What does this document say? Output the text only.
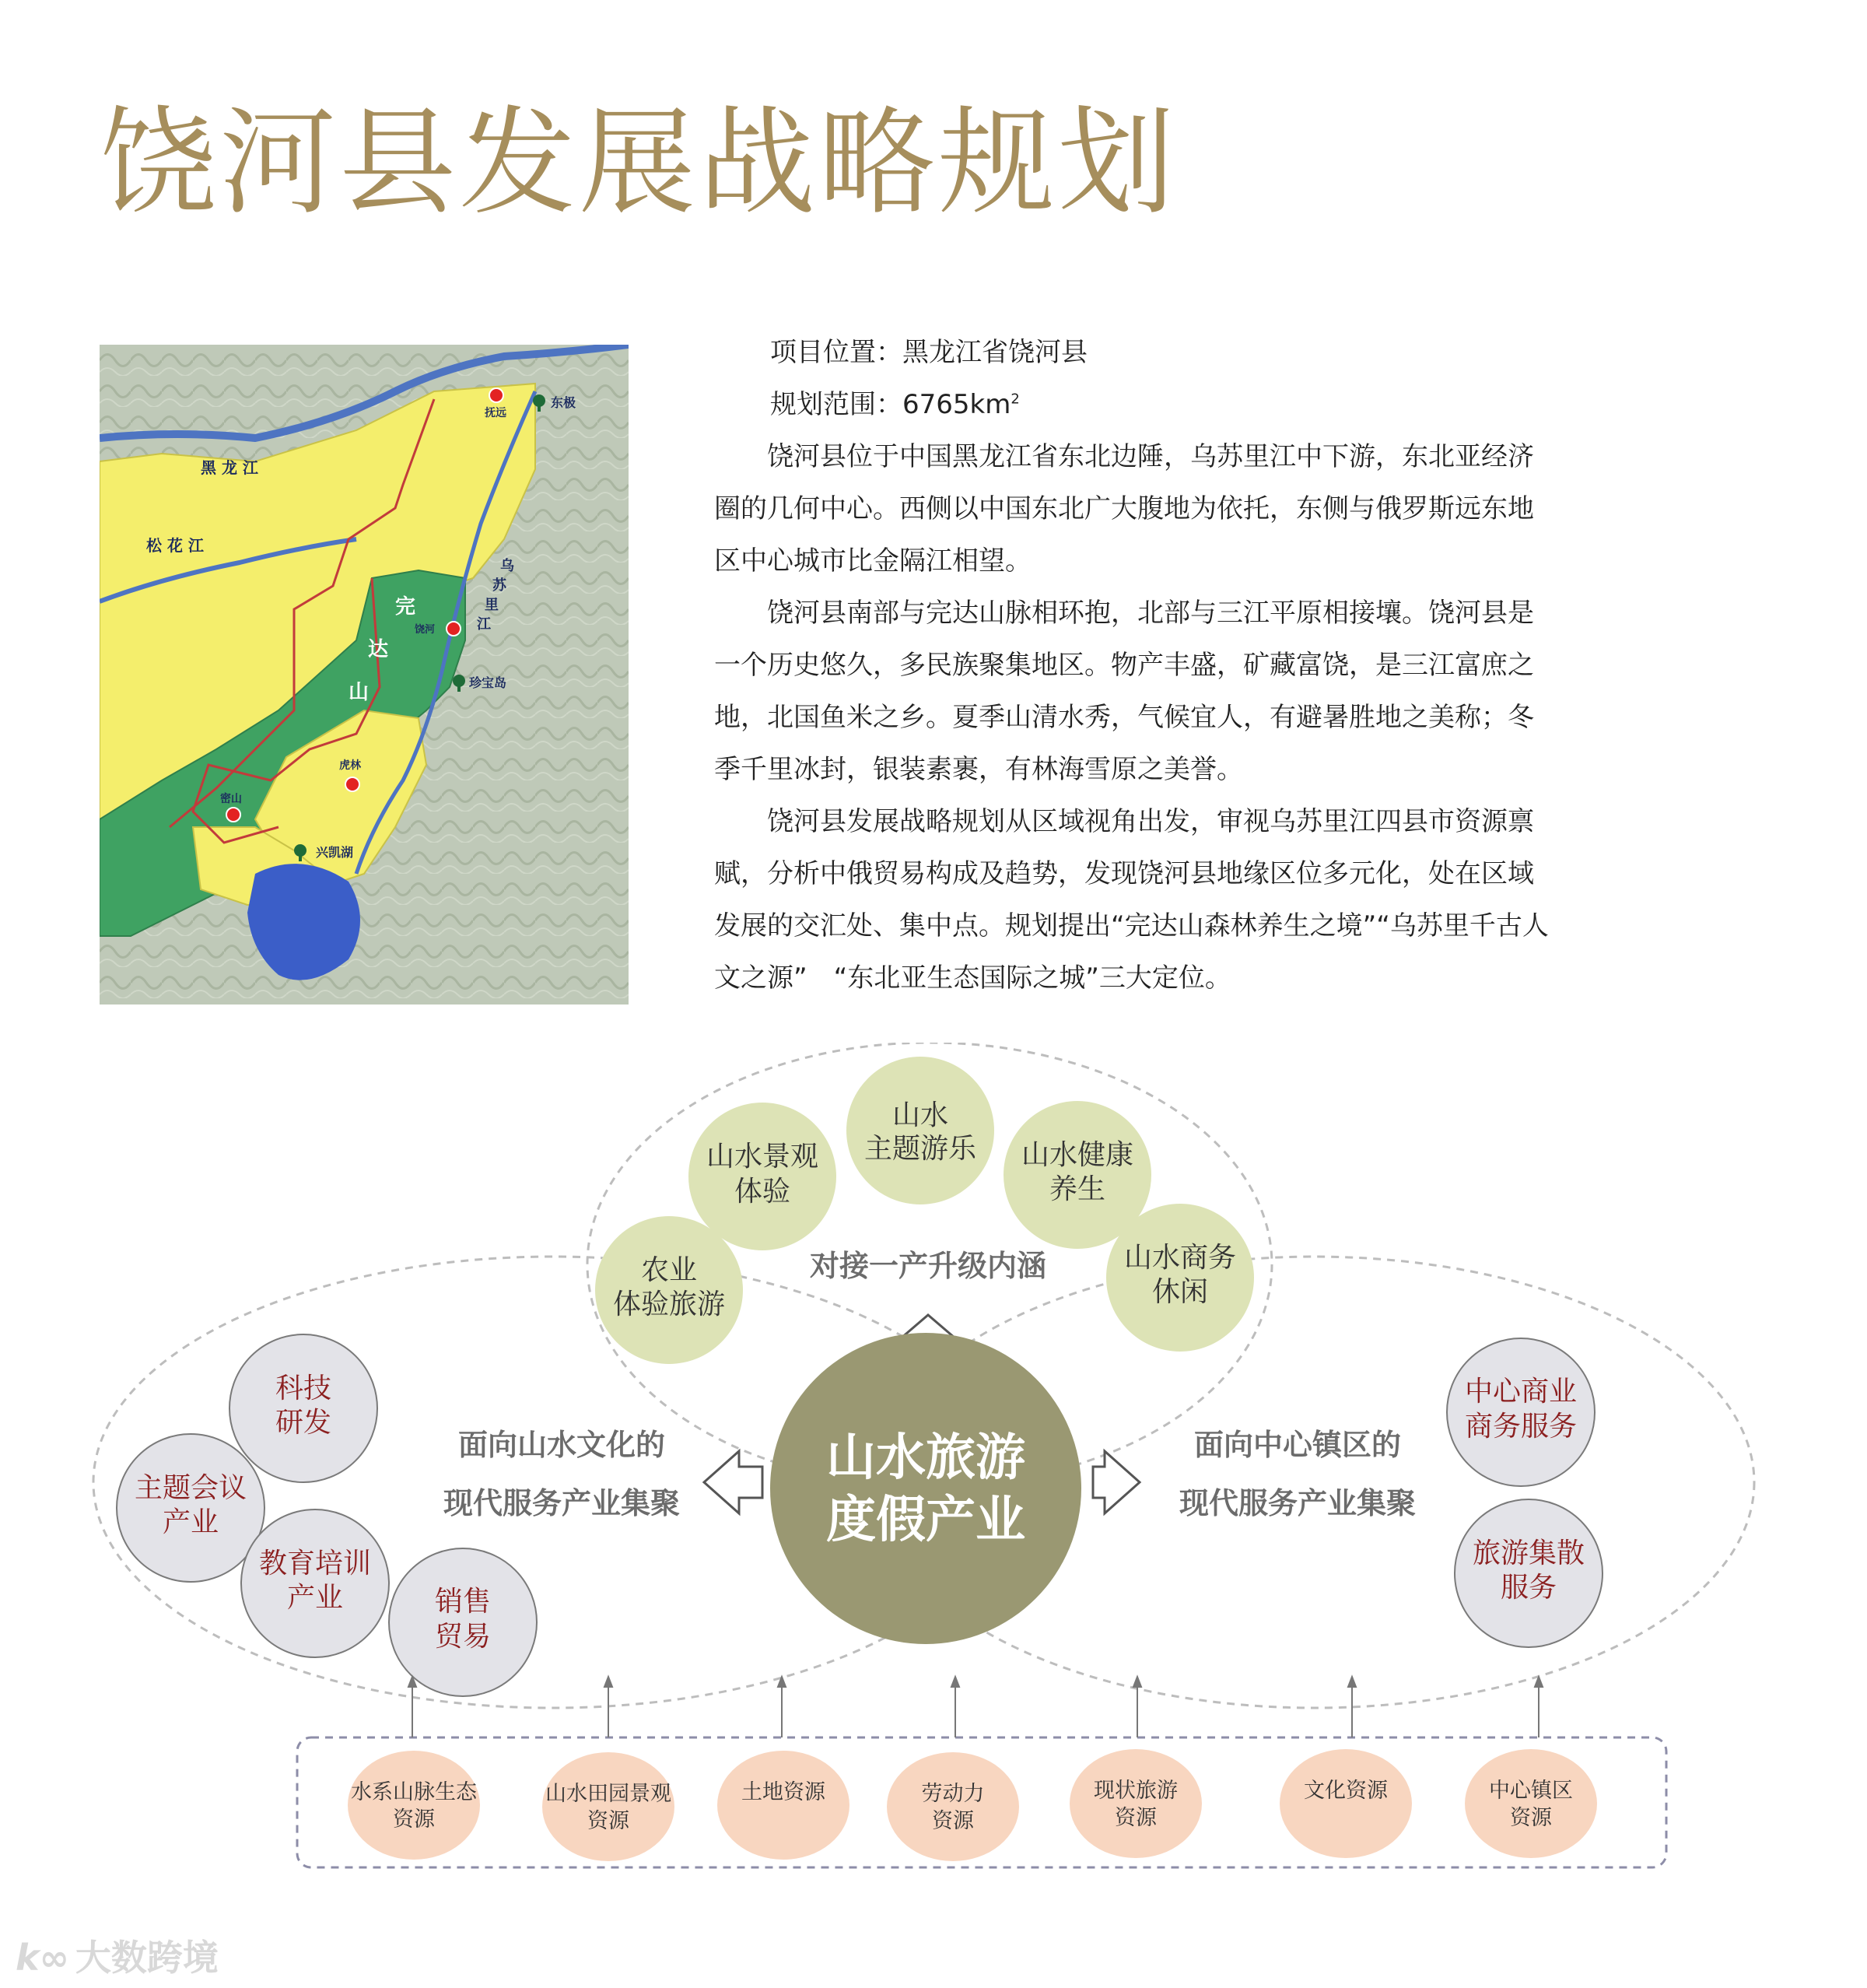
饶河县发展战略规划
黑 龙 江
松 花 江
乌
苏
里
江
完
达
山
抚远
东极
饶河
珍宝岛
虎林
密山
兴凯湖

项目位置：黑龙江省饶河县

规划范围：$6765km^2$

饶河县位于中国黑龙江省东北边陲，乌苏里江中下游，东北亚经济圈的几何中心。西侧以中国东北广大腹地为依托，东侧与俄罗斯远东地区中心城市比金隔江相望。

饶河县南部与完达山脉相环抱，北部与三江平原相接壤。饶河县是一个历史悠久，多民族聚集地区。物产丰盛，矿藏富饶，是三江富庶之地，北国鱼米之乡。夏季山清水秀，气候宜人，有避暑胜地之美称；冬季千里冰封，银装素裹，有林海雪原之美誉。

饶河县发展战略规划从区域视角出发，审视乌苏里江四县市资源禀赋，分析中俄贸易构成及趋势，发现饶河县地缘区位多元化，处在区域发展的交汇处、集中点。规划提出“完达山森林养生之境”“乌苏里千古人文之源”　“东北亚生态国际之城”三大定位。

山水旅游
度假产业
对接一产升级内涵
面向山水文化的
现代服务产业集聚
面向中心镇区的
现代服务产业集聚
山水
主题游乐
山水景观
体验
山水健康
养生
农业
体验旅游
山水商务
休闲
科技
研发
主题会议
产业
教育培训
产业	销售
贸易
中心商业
商务服务
旅游集散
服务
水系山脉生态
资源
山水田园景观
资源
土地资源	劳动力
资源
现状旅游
资源
文化资源	中心镇区
资源
k∞ 大数跨境
